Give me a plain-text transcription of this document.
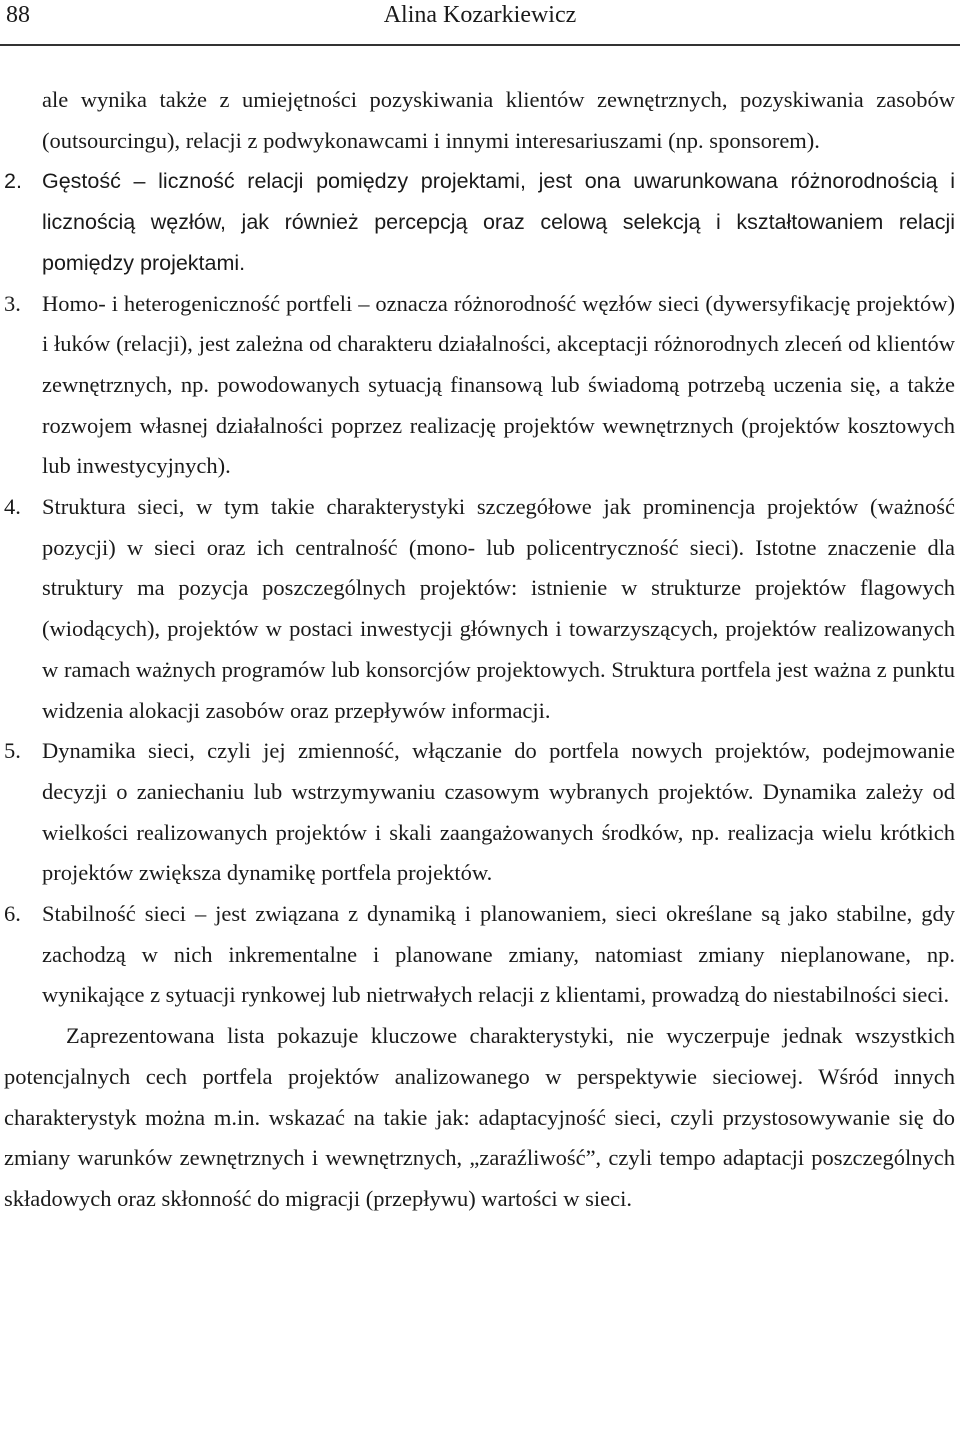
88	Alina Kozarkiewicz

ale wynika także z umiejętności pozyskiwania klientów zewnętrznych, pozyskiwania zasobów (outsourcingu), relacji z podwykonawcami i innymi interesariuszami (np. sponsorem).

2. Gęstość – liczność relacji pomiędzy projektami, jest ona uwarunkowana różnorodnością i licznością węzłów, jak również percepcją oraz celową selekcją i kształtowaniem relacji pomiędzy projektami.
3. Homo- i heterogeniczność portfeli – oznacza różnorodność węzłów sieci (dywersyfikację projektów) i łuków (relacji), jest zależna od charakteru działalności, akceptacji różnorodnych zleceń od klientów zewnętrznych, np. powodowanych sytuacją finansową lub świadomą potrzebą uczenia się, a także rozwojem własnej działalności poprzez realizację projektów wewnętrznych (projektów kosztowych lub inwestycyjnych).
4. Struktura sieci, w tym takie charakterystyki szczegółowe jak prominencja projektów (ważność pozycji) w sieci oraz ich centralność (mono- lub policentryczność sieci). Istotne znaczenie dla struktury ma pozycja poszczególnych projektów: istnienie w strukturze projektów flagowych (wiodących), projektów w postaci inwestycji głównych i towarzyszących, projektów realizowanych w ramach ważnych programów lub konsorcjów projektowych. Struktura portfela jest ważna z punktu widzenia alokacji zasobów oraz przepływów informacji.
5. Dynamika sieci, czyli jej zmienność, włączanie do portfela nowych projektów, podejmowanie decyzji o zaniechaniu lub wstrzymywaniu czasowym wybranych projektów. Dynamika zależy od wielkości realizowanych projektów i skali zaangażowanych środków, np. realizacja wielu krótkich projektów zwiększa dynamikę portfela projektów.
6. Stabilność sieci – jest związana z dynamiką i planowaniem, sieci określane są jako stabilne, gdy zachodzą w nich inkrementalne i planowane zmiany, natomiast zmiany nieplanowane, np. wynikające z sytuacji rynkowej lub nietrwałych relacji z klientami, prowadzą do niestabilności sieci.

Zaprezentowana lista pokazuje kluczowe charakterystyki, nie wyczerpuje jednak wszystkich potencjalnych cech portfela projektów analizowanego w perspektywie sieciowej. Wśród innych charakterystyk można m.in. wskazać na takie jak: adaptacyjność sieci, czyli przystosowywanie się do zmiany warunków zewnętrznych i wewnętrznych, „zaraźliwość”, czyli tempo adaptacji poszczególnych składowych oraz skłonność do migracji (przepływu) wartości w sieci.
